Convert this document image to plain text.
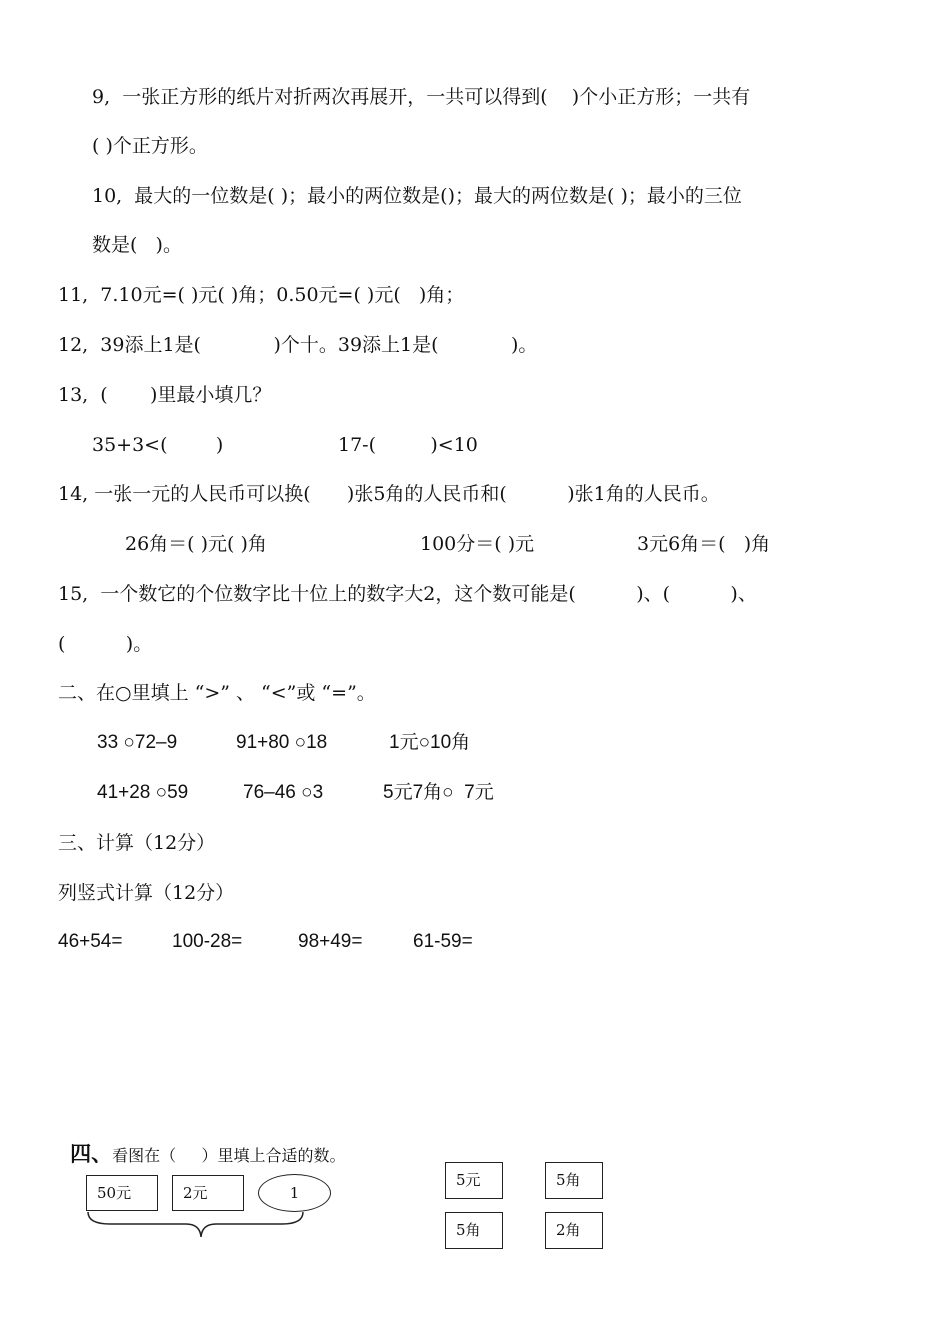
9,  一张正方形的纸片对折两次再展开，一共可以得到(    )个小正方形；一共有
( )个正方形。
10,  最大的一位数是( )；最小的两位数是()；最大的两位数是( )；最小的三位
数是(   )。
11,  7.10元=( )元( )角；0.50元=( )元(   )角；
12,  39添上1是(            )个十。39添上1是(            )。
13,  (       )里最小填几？
35+3<(        )	17-(         )<10
14, 一张一元的人民币可以换(      )张5角的人民币和(          )张1角的人民币。
26角＝( )元( )角	100分＝( )元	3元6角＝(   )角
15,  一个数它的个位数字比十位上的数字大2，这个数可能是(          )、(          )、
(          )。
二、在○里填上 “>” 、 “<”或 “=”。
33 ○72–9	91+80 ○18	1元○10角
41+28 ○59	76–46 ○3	5元7角○  7元
三、计算（12分）
列竖式计算（12分）
46+54=	100-28=	98+49=	61-59=

四、看图在（     ）里填上合适的数。

50元	2元	1
5元	5角
5角	2角
